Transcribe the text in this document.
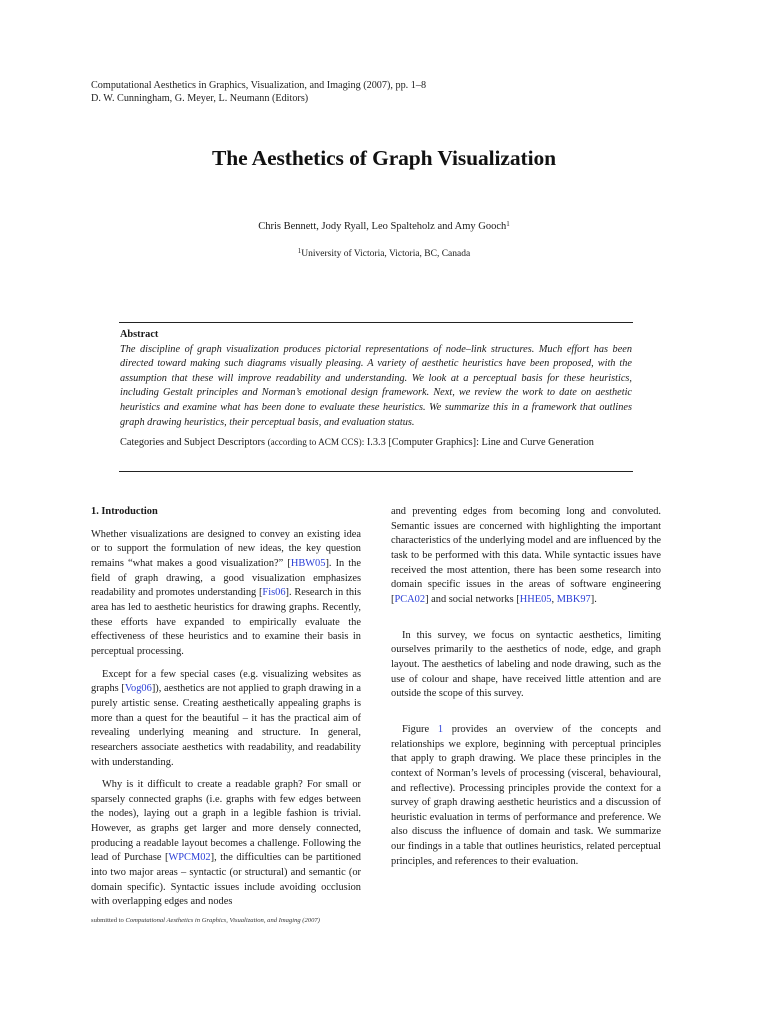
Computational Aesthetics in Graphics, Visualization, and Imaging (2007), pp. 1–8
D. W. Cunningham, G. Meyer, L. Neumann (Editors)
The Aesthetics of Graph Visualization
Chris Bennett, Jody Ryall, Leo Spalteholz and Amy Gooch$^1$
$^1$University of Victoria, Victoria, BC, Canada
Abstract
The discipline of graph visualization produces pictorial representations of node–link structures. Much effort has been directed toward making such diagrams visually pleasing. A variety of aesthetic heuristics have been proposed, with the assumption that these will improve readability and understanding. We look at a perceptual basis for these heuristics, including Gestalt principles and Norman’s emotional design framework. Next, we review the work to date on aesthetic heuristics and examine what has been done to evaluate these heuristics. We summarize this in a framework that outlines graph drawing heuristics, their perceptual basis, and evaluation status.
Categories and Subject Descriptors (according to ACM CCS): I.3.3 [Computer Graphics]: Line and Curve Generation
1. Introduction

Whether visualizations are designed to convey an existing idea or to support the formulation of new ideas, the key question remains “what makes a good visualization?” [HBW05]. In the field of graph drawing, a good visualization emphasizes readability and promotes understanding [Fis06]. Research in this area has led to aesthetic heuristics for drawing graphs. Recently, these efforts have expanded to empirically evaluate the effectiveness of these heuristics and to examine their basis in perceptual processing.

Except for a few special cases (e.g. visualizing websites as graphs [Vog06]), aesthetics are not applied to graph drawing in a purely artistic sense. Creating aesthetically appealing graphs is more than a quest for the beautiful – it has the practical aim of revealing underlying meaning and structure. In general, researchers associate aesthetics with readability, and readability with understanding.

Why is it difficult to create a readable graph? For small or sparsely connected graphs (i.e. graphs with few edges between the nodes), laying out a graph in a legible fashion is trivial. However, as graphs get larger and more densely connected, producing a readable layout becomes a challenge. Following the lead of Purchase [WPCM02], the difficulties can be partitioned into two major areas – syntactic (or structural) and semantic (or domain specific). Syntactic issues include avoiding occlusion with overlapping edges and nodes

and preventing edges from becoming long and convoluted. Semantic issues are concerned with highlighting the important characteristics of the underlying model and are influenced by the task to be performed with this data. While syntactic issues have received the most attention, there has been some research into domain specific issues in the areas of software engineering [PCA02] and social networks [HHE05, MBK97].

In this survey, we focus on syntactic aesthetics, limiting ourselves primarily to the aesthetics of node, edge, and graph layout. The aesthetics of labeling and node drawing, such as the use of colour and shape, have received little attention and are outside the scope of this survey.

Figure 1 provides an overview of the concepts and relationships we explore, beginning with perceptual principles that apply to graph drawing. We place these principles in the context of Norman’s levels of processing (visceral, behavioural, and reflective). Processing principles provide the context for a survey of graph drawing aesthetic heuristics and a discussion of heuristic evaluation in terms of performance and preference. We also discuss the influence of domain and task. We summarize our findings in a table that outlines heuristics, related perceptual principles, and references to their evaluation.

submitted to Computational Aesthetics in Graphics, Visualization, and Imaging (2007)
